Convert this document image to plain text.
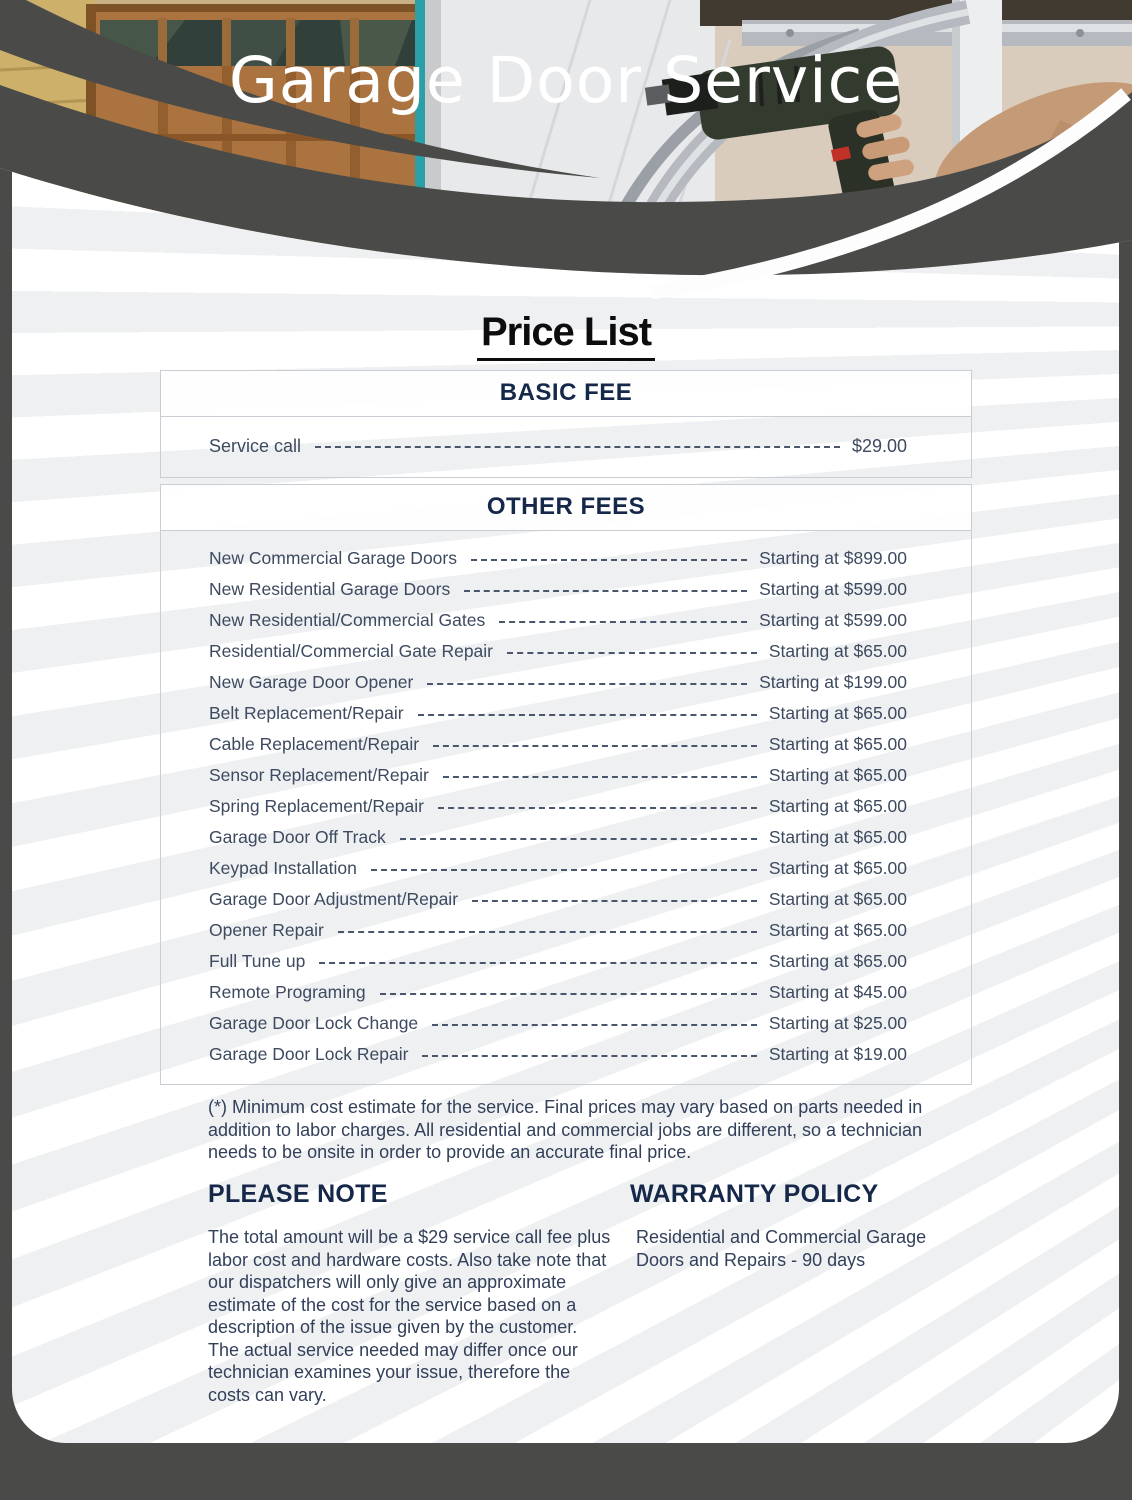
Garage Door Service
Price List
BASIC FEE
Service call	$29.00
OTHER FEES
New Commercial Garage Doors	Starting at $899.00
New Residential Garage Doors	Starting at $599.00
New Residential/Commercial Gates	Starting at $599.00
Residential/Commercial Gate Repair	Starting at $65.00
New Garage Door Opener	Starting at $199.00
Belt Replacement/Repair	Starting at $65.00
Cable Replacement/Repair	Starting at $65.00
Sensor Replacement/Repair	Starting at $65.00
Spring Replacement/Repair	Starting at $65.00
Garage Door Off Track	Starting at $65.00
Keypad Installation	Starting at $65.00
Garage Door Adjustment/Repair	Starting at $65.00
Opener Repair	Starting at $65.00
Full Tune up	Starting at $65.00
Remote Programing	Starting at $45.00
Garage Door Lock Change	Starting at $25.00
Garage Door Lock Repair	Starting at $19.00
(*) Minimum cost estimate for the service. Final prices may vary based on parts needed in addition to labor charges. All residential and commercial jobs are different, so a technician needs to be onsite in order to provide an accurate final price.
PLEASE NOTE

The total amount will be a $29 service call fee plus labor cost and hardware costs. Also take note that our dispatchers will only give an approximate estimate of the cost for the service based on a description of the issue given by the customer. The actual service needed may differ once our technician examines your issue, therefore the costs can vary.

WARRANTY POLICY

Residential and Commercial Garage Doors and Repairs - 90 days
